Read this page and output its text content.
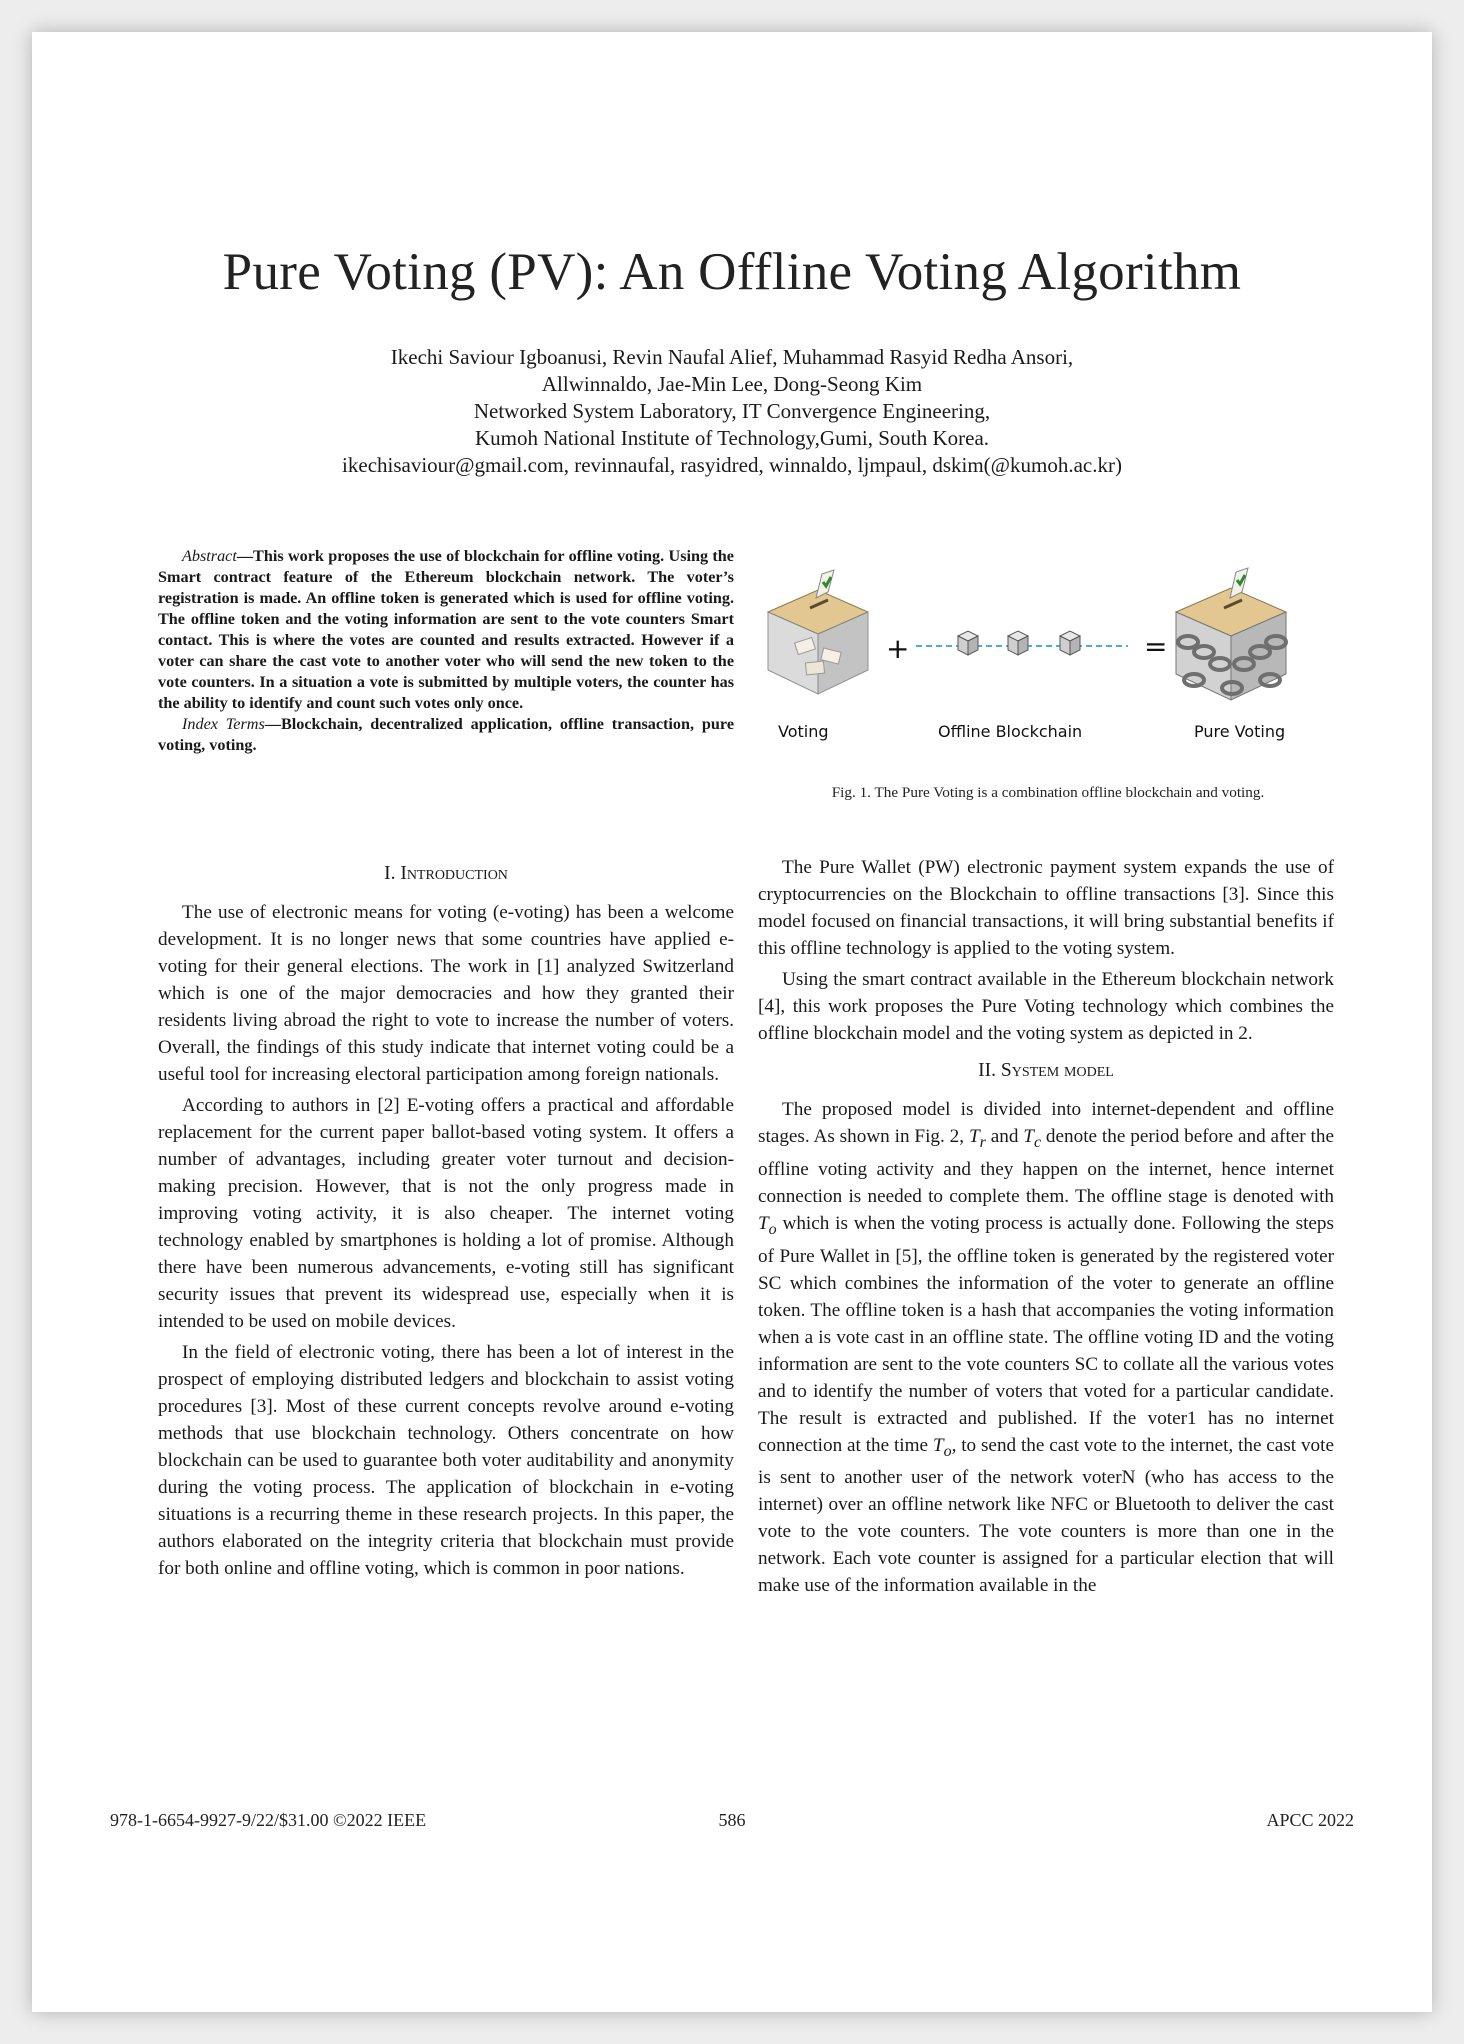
Pure Voting (PV): An Offline Voting Algorithm
Ikechi Saviour Igboanusi, Revin Naufal Alief, Muhammad Rasyid Redha Ansori,
Allwinnaldo, Jae-Min Lee, Dong-Seong Kim
Networked System Laboratory, IT Convergence Engineering,
Kumoh National Institute of Technology,Gumi, South Korea.
ikechisaviour@gmail.com, revinnaufal, rasyidred, winnaldo, ljmpaul, dskim(@kumoh.ac.kr)

Abstract—This work proposes the use of blockchain for offline voting. Using the Smart contract feature of the Ethereum blockchain network. The voter’s registration is made. An offline token is generated which is used for offline voting. The offline token and the voting information are sent to the vote counters Smart contact. This is where the votes are counted and results extracted. However if a voter can share the cast vote to another voter who will send the new token to the vote counters. In a situation a vote is submitted by multiple voters, the counter has the ability to identify and count such votes only once.

Index Terms—Blockchain, decentralized application, offline transaction, pure voting, voting.

+	=
Voting	Offline Blockchain	Pure Voting
Fig. 1. The Pure Voting is a combination offline blockchain and voting.

I. Introduction

The use of electronic means for voting (e-voting) has been a welcome development. It is no longer news that some countries have applied e-voting for their general elections. The work in [1] analyzed Switzerland which is one of the major democracies and how they granted their residents living abroad the right to vote to increase the number of voters. Overall, the findings of this study indicate that internet voting could be a useful tool for increasing electoral participation among foreign nationals.

According to authors in [2] E-voting offers a practical and affordable replacement for the current paper ballot-based voting system. It offers a number of advantages, including greater voter turnout and decision-making precision. However, that is not the only progress made in improving voting activity, it is also cheaper. The internet voting technology enabled by smartphones is holding a lot of promise. Although there have been numerous advancements, e-voting still has significant security issues that prevent its widespread use, especially when it is intended to be used on mobile devices.

In the field of electronic voting, there has been a lot of interest in the prospect of employing distributed ledgers and blockchain to assist voting procedures [3]. Most of these current concepts revolve around e-voting methods that use blockchain technology. Others concentrate on how blockchain can be used to guarantee both voter auditability and anonymity during the voting process. The application of blockchain in e-voting situations is a recurring theme in these research projects. In this paper, the authors elaborated on the integrity criteria that blockchain must provide for both online and offline voting, which is common in poor nations.

The Pure Wallet (PW) electronic payment system expands the use of cryptocurrencies on the Blockchain to offline transactions [3]. Since this model focused on financial transactions, it will bring substantial benefits if this offline technology is applied to the voting system.

Using the smart contract available in the Ethereum blockchain network [4], this work proposes the Pure Voting technology which combines the offline blockchain model and the voting system as depicted in 2.

II. System model

The proposed model is divided into internet-dependent and offline stages. As shown in Fig. 2, $T_r$ and $T_c$ denote the period before and after the offline voting activity and they happen on the internet, hence internet connection is needed to complete them. The offline stage is denoted with $T_o$ which is when the voting process is actually done. Following the steps of Pure Wallet in [5], the offline token is generated by the registered voter SC which combines the information of the voter to generate an offline token. The offline token is a hash that accompanies the voting information when a is vote cast in an offline state. The offline voting ID and the voting information are sent to the vote counters SC to collate all the various votes and to identify the number of voters that voted for a particular candidate. The result is extracted and published. If the voter1 has no internet connection at the time $T_o$, to send the cast vote to the internet, the cast vote is sent to another user of the network voterN (who has access to the internet) over an offline network like NFC or Bluetooth to deliver the cast vote to the vote counters. The vote counters is more than one in the network. Each vote counter is assigned for a particular election that will make use of the information available in the

978-1-6654-9927-9/22/$31.00 ©2022 IEEE	586	APCC 2022
